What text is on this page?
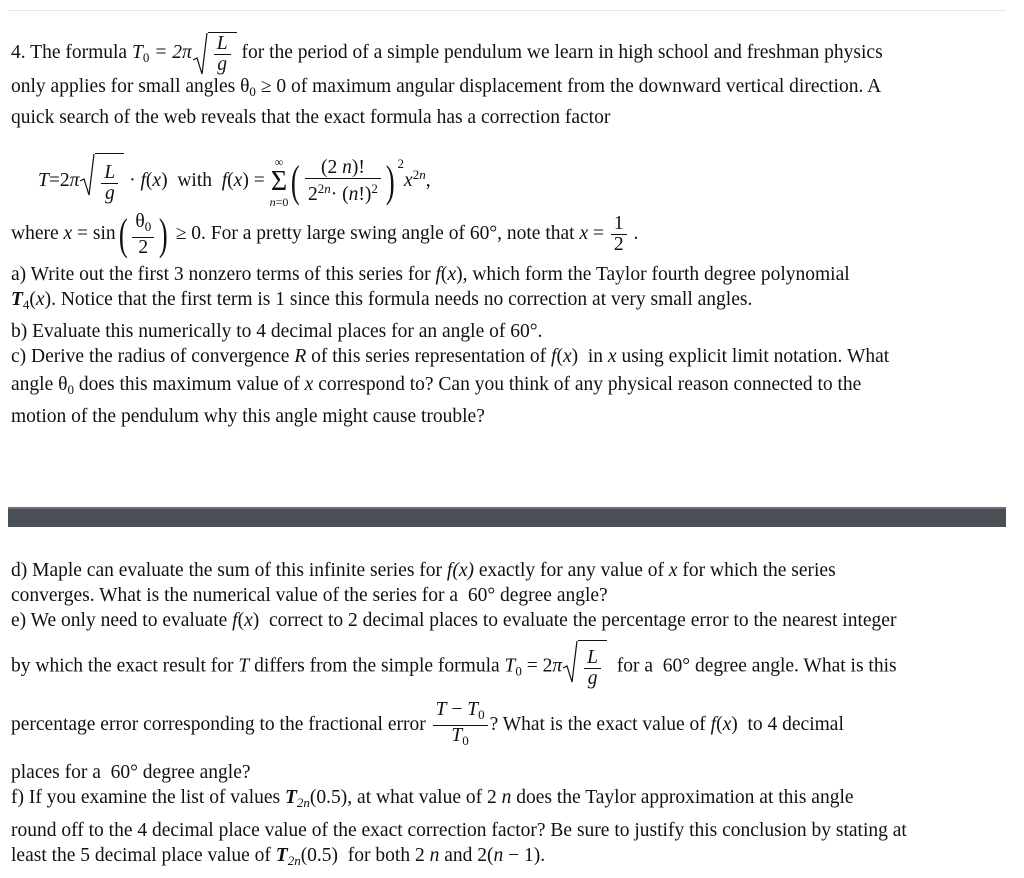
4. The formula $T_0 = 2\pi \frac{L}{g}$ for the period of a simple pendulum we learn in high school and freshman physics
only applies for small angles $\theta_0 \ge 0$ of maximum angular displacement from the downward vertical direction. A
quick search of the web reveals that the exact formula has a correction factor
$T=2\pi \frac{L}{g} \cdot f(x)$  with  f(x) =
∞
Σ
n=0 ( $\frac{(2 n)!}{2^{2n}\cdot (n!)^2}$ ) $^2x^{2n}$,
where $x = \sin( \frac{\theta_0}{2}$ ) ≥ 0. For a pretty large swing angle of 60°, note that $x = \frac{1}{2}$ .
a) Write out the first 3 nonzero terms of this series for f(x), which form the Taylor fourth degree polynomial
$T_4(x)$. Notice that the first term is 1 since this formula needs no correction at very small angles.
b) Evaluate this numerically to 4 decimal places for an angle of 60°.
c) Derive the radius of convergence R of this series representation of f(x)  in x using explicit limit notation. What
angle $\theta_0$ does this maximum value of x correspond to? Can you think of any physical reason connected to the
motion of the pendulum why this angle might cause trouble?
d) Maple can evaluate the sum of this infinite series for f(x) exactly for any value of x for which the series
converges. What is the numerical value of the series for a  60° degree angle?
e) We only need to evaluate f(x)  correct to 2 decimal places to evaluate the percentage error to the nearest integer
by which the exact result for T differs from the simple formula $T_0 = 2\pi \frac{L}{g}$ for a  60° degree angle. What is this
percentage error corresponding to the fractional error $\frac{T - T_0}{T_0}$ ? What is the exact value of f(x)  to 4 decimal
places for a  60° degree angle?
f) If you examine the list of values $T_{2n}(0.5)$, at what value of 2 n does the Taylor approximation at this angle
round off to the 4 decimal place value of the exact correction factor? Be sure to justify this conclusion by stating at
least the 5 decimal place value of $T_{2n}(0.5)$  for both 2 n and 2(n − 1).
